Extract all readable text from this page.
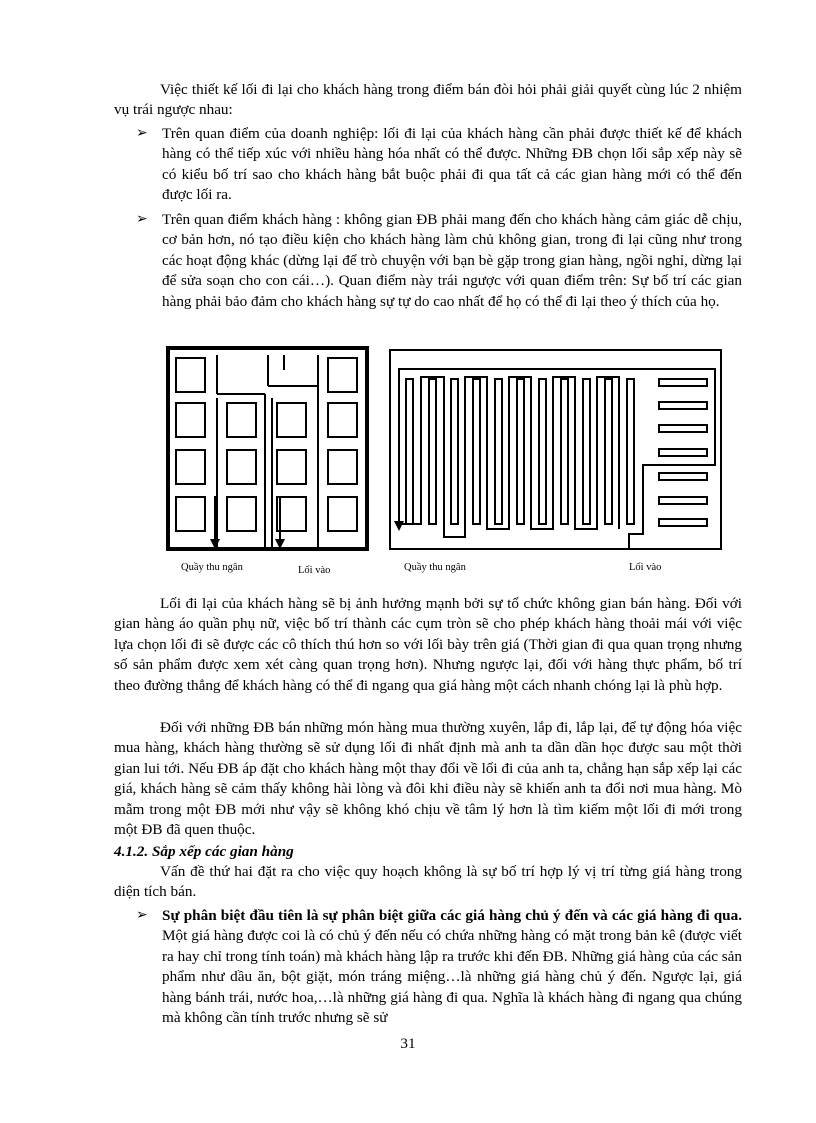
Việc thiết kế lối đi lại cho khách hàng trong điểm bán đòi hỏi phải giải quyết cùng lúc 2 nhiệm vụ trái ngược nhau:

➢ Trên quan điểm của doanh nghiệp: lối đi lại của khách hàng cần phải được thiết kế để khách hàng có thể tiếp xúc với nhiều hàng hóa nhất có thể được. Những ĐB chọn lối sắp xếp này sẽ có kiểu bố trí sao cho khách hàng bắt buộc phải đi qua tất cả các gian hàng mới có thể đến được lối ra.
➢ Trên quan điểm khách hàng : không gian ĐB phải mang đến cho khách hàng cảm giác dễ chịu, cơ bản hơn, nó tạo điều kiện cho khách hàng làm chủ không gian, trong đi lại cũng như trong các hoạt động khác (dừng lại để trò chuyện với bạn bè gặp trong gian hàng, ngồi nghỉ, dừng lại để sửa soạn cho con cái…). Quan điểm này trái ngược với quan điểm trên: Sự bố trí các gian hàng phải bảo đảm cho khách hàng sự tự do cao nhất để họ có thể đi lại theo ý thích của họ.
Quầy thu ngân	Lối vào	Quầy thu ngân	Lối vào

Lối đi lại của khách hàng sẽ bị ảnh hưởng mạnh bởi sự tổ chức không gian bán hàng. Đối với gian hàng áo quần phụ nữ, việc bố trí thành các cụm tròn sẽ cho phép khách hàng thoải mái với việc lựa chọn lối đi sẽ được các cô thích thú hơn so với lối bày trên giá (Thời gian đi qua quan trọng nhưng số sản phẩm được xem xét càng quan trọng hơn). Nhưng ngược lại, đối với hàng thực phẩm, bố trí theo đường thẳng để khách hàng có thể đi ngang qua giá hàng một cách nhanh chóng lại là phù hợp.

Đối với những ĐB bán những món hàng mua thường xuyên, lắp đi, lắp lại, để tự động hóa việc mua hàng, khách hàng thường sẽ sử dụng lối đi nhất định mà anh ta dần dần học được sau một thời gian lui tới. Nếu ĐB áp đặt cho khách hàng một thay đổi về lối đi của anh ta, chẳng hạn sắp xếp lại các giá, khách hàng sẽ cảm thấy không hài lòng và đôi khi điều này sẽ khiến anh ta đổi nơi mua hàng. Mò mẫm trong một ĐB mới như vậy sẽ không khó chịu về tâm lý hơn là tìm kiếm một lối đi mới trong một ĐB đã quen thuộc.

4.1.2. Sắp xếp các gian hàng

Vấn đề thứ hai đặt ra cho việc quy hoạch không là sự bố trí hợp lý vị trí từng giá hàng trong diện tích bán.

➢ Sự phân biệt đầu tiên là sự phân biệt giữa các giá hàng chủ ý đến và các giá hàng đi qua. Một giá hàng được coi là có chủ ý đến nếu có chứa những hàng có mặt trong bản kê (được viết ra hay chỉ trong tính toán) mà khách hàng lập ra trước khi đến ĐB. Những giá hàng của các sản phẩm như dầu ăn, bột giặt, món tráng miệng…là những giá hàng chủ ý đến. Ngược lại, giá hàng bánh trái, nước hoa,…là những giá hàng đi qua. Nghĩa là khách hàng đi ngang qua chúng mà không cần tính trước nhưng sẽ sử
31
